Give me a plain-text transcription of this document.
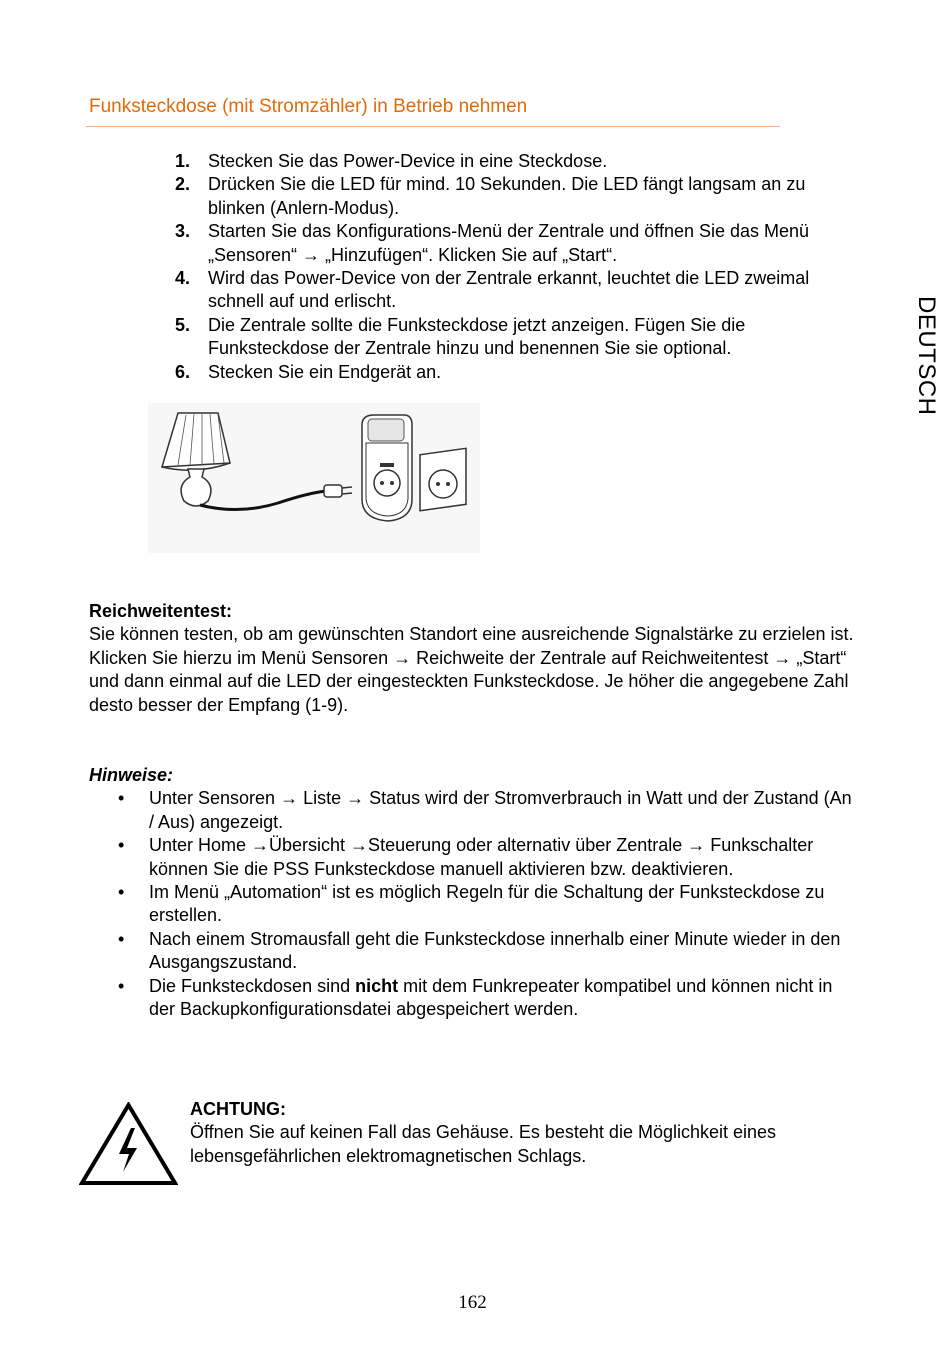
Funksteckdose (mit Stromzähler) in Betrieb nehmen
1.	Stecken Sie das Power-Device in eine Steckdose.
2.	Drücken Sie die LED für mind. 10 Sekunden. Die LED fängt langsam an zu blinken (Anlern-Modus).
3.	Starten Sie das Konfigurations-Menü der Zentrale und öffnen Sie das Menü „Sensoren“ → „Hinzufügen“. Klicken Sie auf „Start“.
4.	Wird das Power-Device von der Zentrale erkannt, leuchtet die LED zweimal schnell auf und erlischt.
5.	Die Zentrale sollte die Funksteckdose jetzt anzeigen. Fügen Sie die Funksteckdose der Zentrale hinzu und benennen Sie sie optional.
6.	Stecken Sie ein Endgerät an.	DEUTSCH
Reichweitentest:
Sie können testen, ob am gewünschten Standort eine ausreichende Signalstärke zu erzielen ist. Klicken Sie hierzu im Menü Sensoren → Reichweite der Zentrale auf Reichweitentest → „Start“ und dann einmal auf die LED der eingesteckten Funksteckdose. Je höher die angegebene Zahl desto besser der Empfang (1-9).
Hinweise:
•	Unter Sensoren → Liste → Status wird der Stromverbrauch in Watt und der Zustand (An / Aus) angezeigt.
•	Unter Home →Übersicht →Steuerung oder alternativ über Zentrale → Funkschalter können Sie die PSS Funksteckdose manuell aktivieren bzw. deaktivieren.
•	Im Menü „Automation“ ist es möglich Regeln für die Schaltung der Funksteckdose zu erstellen.
•	Nach einem Stromausfall geht die Funksteckdose innerhalb einer Minute wieder in den Ausgangszustand.
•	Die Funksteckdosen sind nicht mit dem Funkrepeater kompatibel und können nicht in der Backupkonfigurationsdatei abgespeichert werden.
ACHTUNG:
Öffnen Sie auf keinen Fall das Gehäuse. Es besteht die Möglichkeit eines lebensgefährlichen elektromagnetischen Schlags.
162
